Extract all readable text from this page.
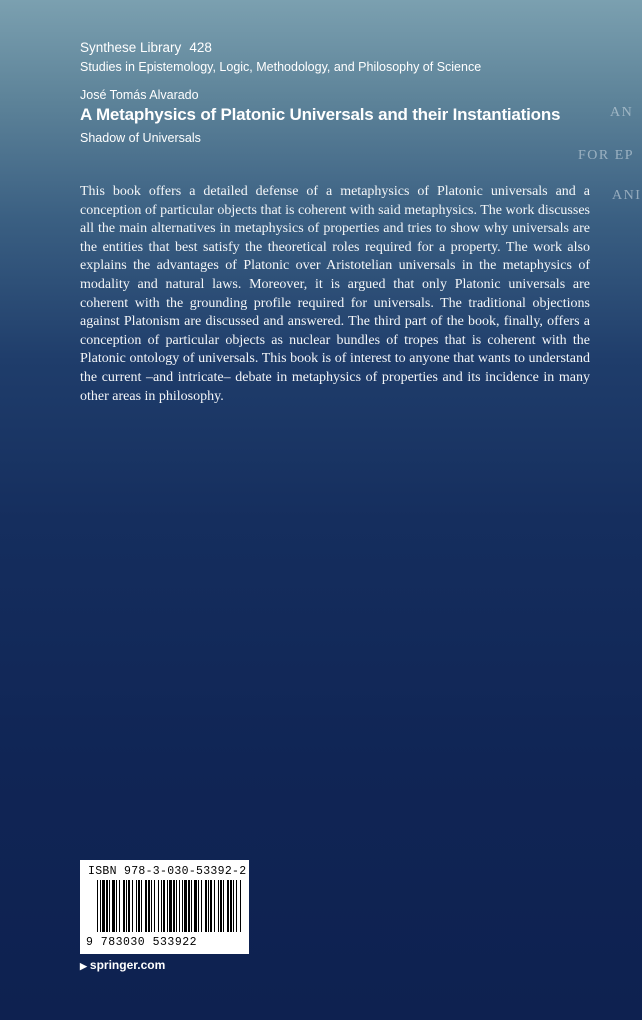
Synthese Library 428
Studies in Epistemology, Logic, Methodology, and Philosophy of Science
José Tomás Alvarado
A Metaphysics of Platonic Universals and their Instantiations
Shadow of Universals
AN
FOR EP
ANI
This book offers a detailed defense of a metaphysics of Platonic universals and a conception of particular objects that is coherent with said metaphysics. The work discusses all the main alternatives in metaphysics of properties and tries to show why universals are the entities that best satisfy the theoretical roles required for a property. The work also explains the advantages of Platonic over Aristotelian universals in the metaphysics of modality and natural laws. Moreover, it is argued that only Platonic universals are coherent with the grounding profile required for universals. The traditional objections against Platonism are discussed and answered. The third part of the book, finally, offers a conception of particular objects as nuclear bundles of tropes that is coherent with the Platonic ontology of universals. This book is of interest to anyone that wants to understand the current –and intricate– debate in metaphysics of properties and its incidence in many other areas in philosophy.
ISBN 978-3-030-53392-2
9 783030 533922
▶ springer.com
